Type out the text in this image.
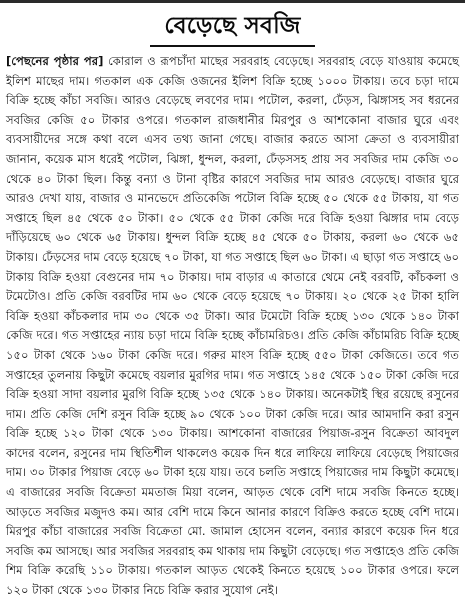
বেড়েছে সবজি
[পেছনের পৃষ্ঠার পর] কোরাল ও রূপচাঁদা মাছের সরবরাহ বেড়েছে। সরবরাহ বেড়ে যাওয়ায় কমেছে ইলিশ মাছের দাম। গতকাল এক কেজি ওজনের ইলিশ বিক্রি হচ্ছে ১০০০ টাকায়। তবে চড়া দামে বিক্রি হচ্ছে কাঁচা সবজি। আরও বেড়েছে লবণের দাম। পটোল, করলা, ঢেঁড়স, ঝিঙ্গাসহ সব ধরনের সবজির কেজি ৫০ টাকার ওপরে। গতকাল রাজধানীর মিরপুর ও আশকোনা বাজার ঘুরে এবং ব্যবসায়ীদের সঙ্গে কথা বলে এসব তথ্য জানা গেছে। বাজার করতে আসা ক্রেতা ও ব্যবসায়ীরা জানান, কয়েক মাস ধরেই পটোল, ঝিঙ্গা, ধুন্দল, করলা, ঢেঁড়সসহ প্রায় সব সবজির দাম কেজি ৩০ থেকে ৪০ টাকা ছিল। কিন্তু বন্যা ও টানা বৃষ্টির কারণে সবজির দাম আরও বেড়েছে। বাজার ঘুরে আরও দেখা যায়, বাজার ও মানভেদে প্রতিকেজি পটোল বিক্রি হচ্ছে ৫০ থেকে ৫৫ টাকায়, যা গত সপ্তাহে ছিল ৪৫ থেকে ৫০ টাকা। ৫০ থেকে ৫৫ টাকা কেজি দরে বিক্রি হওয়া ঝিঙ্গার দাম বেড়ে দাঁড়িয়েছে ৬০ থেকে ৬৫ টাকায়। ধুন্দল বিক্রি হচ্ছে ৪৫ থেকে ৫০ টাকায়, করলা ৬০ থেকে ৬৫ টাকায়। ঢেঁড়সের দাম বেড়ে হয়েছে ৭০ টাকা, যা গত সপ্তাহে ছিল ৬০ টাকা। এ ছাড়া গত সপ্তাহে ৬০ টাকায় বিক্রি হওয়া বেগুনের দাম ৭০ টাকায়। দাম বাড়ার এ কাতারে থেমে নেই বরবটি, কাঁচকলা ও টমেটোও। প্রতি কেজি বরবটির দাম ৬০ থেকে বেড়ে হয়েছে ৭০ টাকায়। ২০ থেকে ২৫ টাকা হালি বিক্রি হওয়া কাঁচকলার দাম ৩০ থেকে ৩৫ টাকা। আর টমেটো বিক্রি হচ্ছে ১৩০ থেকে ১৪০ টাকা কেজি দরে। গত সপ্তাহের ন্যায় চড়া দামে বিক্রি হচ্ছে কাঁচামরিচও। প্রতি কেজি কাঁচামরিচ বিক্রি হচ্ছে ১৫০ টাকা থেকে ১৬০ টাকা কেজি দরে। গরুর মাংস বিক্রি হচ্ছে ৫৫০ টাকা কেজিতে। তবে গত সপ্তাহের তুলনায় কিছুটা কমেছে বয়লার মুরগির দাম। গত সপ্তাহে ১৪৫ থেকে ১৫০ টাকা কেজি দরে বিক্রি হওয়া সাদা বয়লার মুরগি বিক্রি হচ্ছে ১৩৫ থেকে ১৪০ টাকায়। অনেকটাই স্থির রয়েছে রসুনের দাম। প্রতি কেজি দেশি রসুন বিক্রি হচ্ছে ৯০ থেকে ১০০ টাকা কেজি দরে। আর আমদানি করা রসুন বিক্রি হচ্ছে ১২০ টাকা থেকে ১৩০ টাকায়। আশকোনা বাজারের পিয়াজ-রসুন বিক্রেতা আবদুল কাদের বলেন, রসুনের দাম স্থিতিশীল থাকলেও কয়েক দিন ধরে লাফিয়ে লাফিয়ে বেড়েছে পিয়াজের দাম। ৩০ টাকার পিয়াজ বেড়ে ৬০ টাকা হয়ে যায়। তবে চলতি সপ্তাহে পিয়াজের দাম কিছুটা কমেছে। এ বাজারের সবজি বিক্রেতা মমতাজ মিয়া বলেন, আড়ত থেকে বেশি দামে সবজি কিনতে হচ্ছে। আড়তে সবজির মজুদও কম। আর বেশি দামে কিনে আনার কারণে বিক্রিও করতে হচ্ছে বেশি দামে। মিরপুর কাঁচা বাজারের সবজি বিক্রেতা মো. জামাল হোসেন বলেন, বন্যার কারণে কয়েক দিন ধরে সবজি কম আসছে। আর সবজির সরবরাহ কম থাকায় দাম কিছুটা বেড়েছে। গত সপ্তাহেও প্রতি কেজি শিম বিক্রি করেছি ১১০ টাকায়। গতকাল আড়ত থেকেই কিনতে হয়েছে ১০০ টাকার ওপরে। ফলে ১২০ টাকা থেকে ১৩০ টাকার নিচে বিক্রি করার সুযোগ নেই।
